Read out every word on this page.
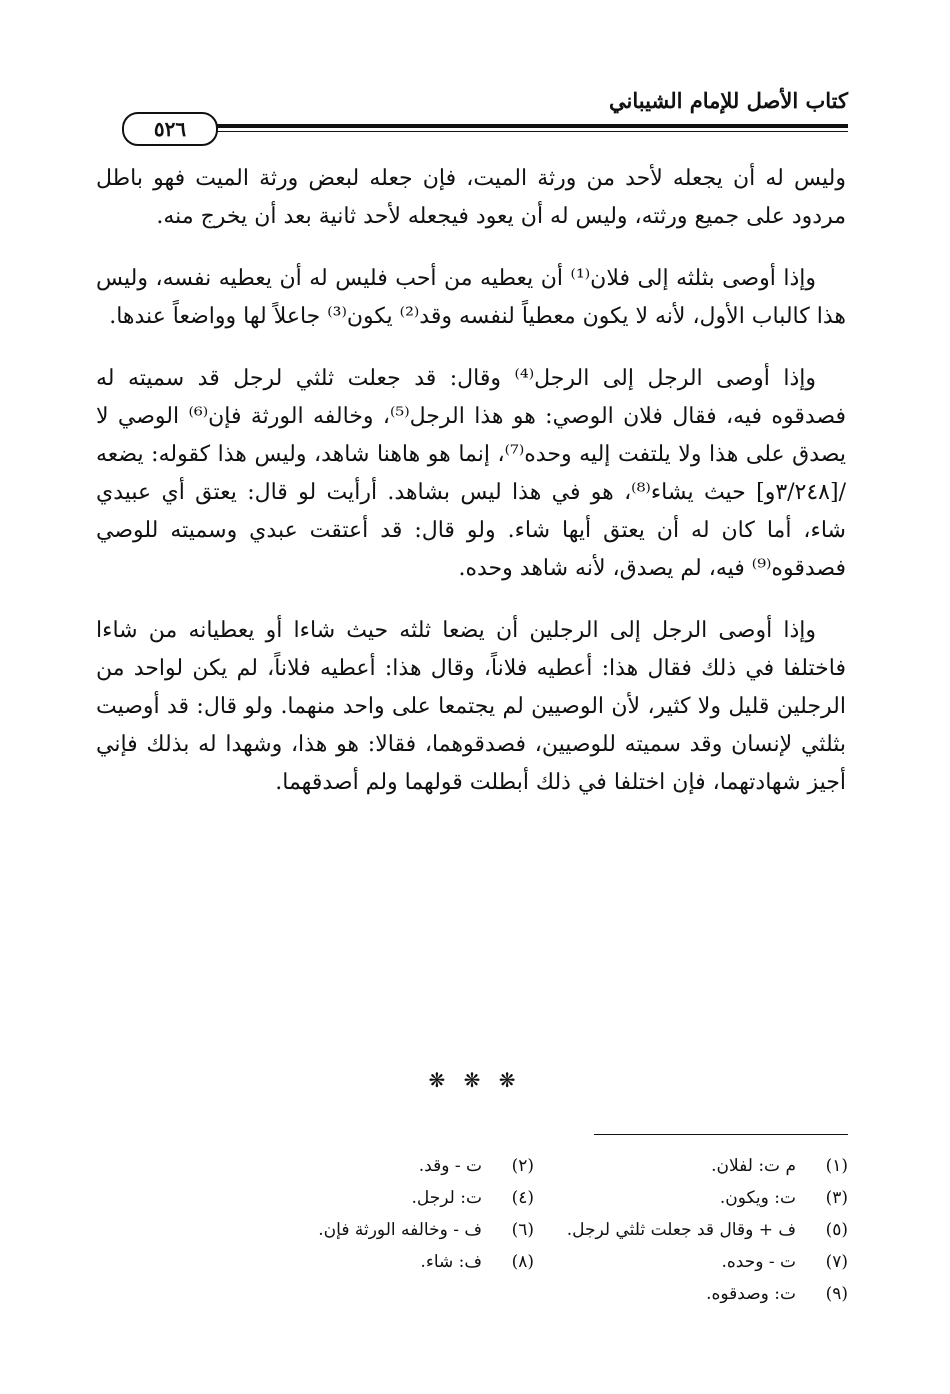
كتاب الأصل للإمام الشيباني
٥٢٦

وليس له أن يجعله لأحد من ورثة الميت، فإن جعله لبعض ورثة الميت فهو باطل مردود على جميع ورثته، وليس له أن يعود فيجعله لأحد ثانية بعد أن يخرج منه.

وإذا أوصى بثلثه إلى فلان⁽¹⁾ أن يعطيه من أحب فليس له أن يعطيه نفسه، وليس هذا كالباب الأول، لأنه لا يكون معطياً لنفسه وقد⁽²⁾ يكون⁽³⁾ جاعلاً لها وواضعاً عندها.

وإذا أوصى الرجل إلى الرجل⁽⁴⁾ وقال: قد جعلت ثلثي لرجل قد سميته له فصدقوه فيه، فقال فلان الوصي: هو هذا الرجل⁽⁵⁾، وخالفه الورثة فإن⁽⁶⁾ الوصي لا يصدق على هذا ولا يلتفت إليه وحده⁽⁷⁾، إنما هو هاهنا شاهد، وليس هذا كقوله: يضعه /[٣/٢٤٨و] حيث يشاء⁽⁸⁾، هو في هذا ليس بشاهد. أرأيت لو قال: يعتق أي عبيدي شاء، أما كان له أن يعتق أيها شاء. ولو قال: قد أعتقت عبدي وسميته للوصي فصدقوه⁽⁹⁾ فيه، لم يصدق، لأنه شاهد وحده.

وإذا أوصى الرجل إلى الرجلين أن يضعا ثلثه حيث شاءا أو يعطيانه من شاءا فاختلفا في ذلك فقال هذا: أعطيه فلاناً، وقال هذا: أعطيه فلاناً، لم يكن لواحد من الرجلين قليل ولا كثير، لأن الوصيين لم يجتمعا على واحد منهما. ولو قال: قد أوصيت بثلثي لإنسان وقد سميته للوصيين، فصدقوهما، فقالا: هو هذا، وشهدا له بذلك فإني أجيز شهادتهما، فإن اختلفا في ذلك أبطلت قولهما ولم أصدقهما.

❋ ❋ ❋
(١)
م ت: لفلان.
(٢)
ت - وقد.
(٣)
ت: ويكون.
(٤)
ت: لرجل.
(٥)
ف + وقال قد جعلت ثلثي لرجل.
(٦)
ف - وخالفه الورثة فإن.
(٧)
ت - وحده.
(٨)
ف: شاء.
(٩)
ت: وصدقوه.
